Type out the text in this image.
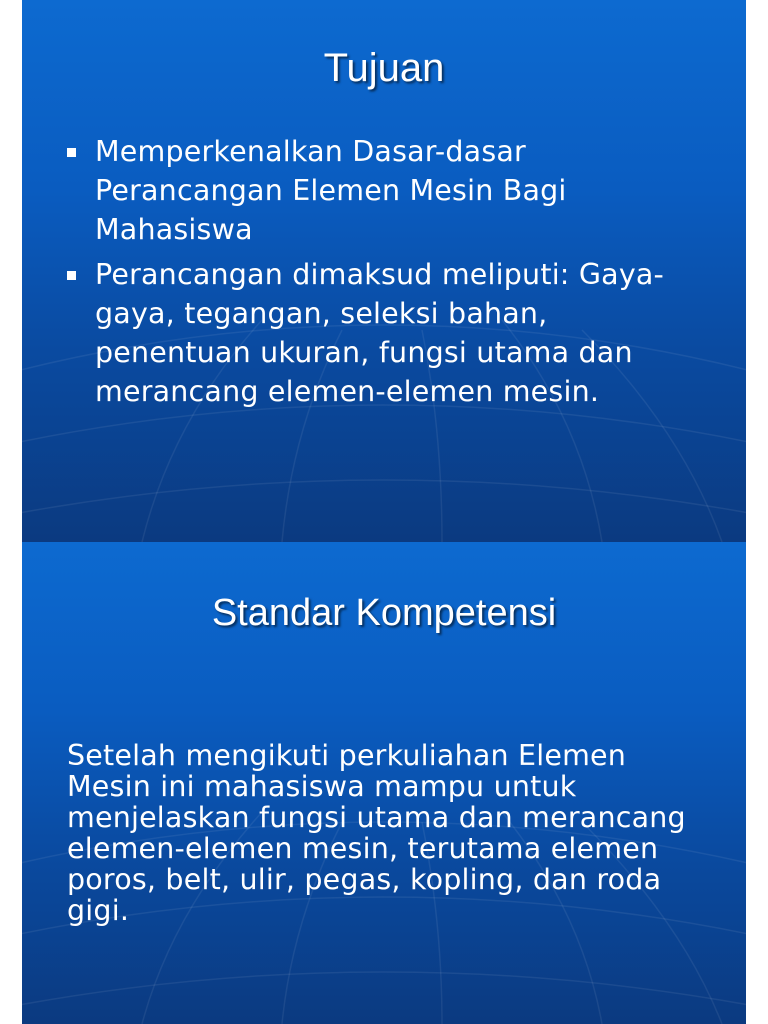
Tujuan
Memperkenalkan Dasar-dasar Perancangan Elemen Mesin Bagi Mahasiswa
Perancangan dimaksud meliputi: Gaya-gaya, tegangan, seleksi bahan, penentuan ukuran, fungsi utama dan merancang elemen-elemen mesin.
Standar Kompetensi

Setelah mengikuti perkuliahan Elemen Mesin ini mahasiswa mampu untuk menjelaskan fungsi utama dan merancang elemen-elemen mesin, terutama elemen poros, belt, ulir, pegas, kopling, dan roda gigi.
